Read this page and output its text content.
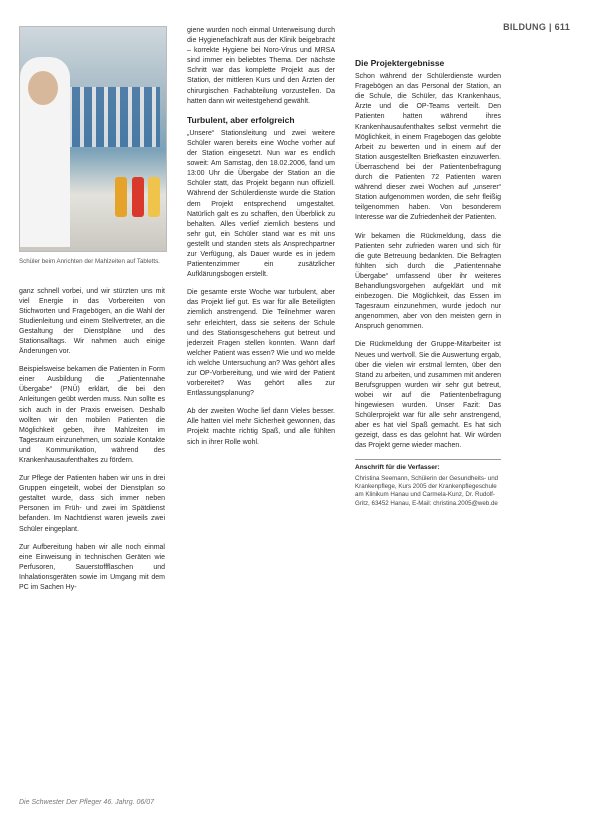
BILDUNG | 611
Schüler beim Anrichten der Mahlzeiten auf Tabletts.

ganz schnell vorbei, und wir stürzten uns mit viel Energie in das Vorbereiten von Stichworten und Fragebögen, an die Wahl der Studienleitung und einem Stellvertreter, an die Gestaltung der Dienstpläne und des Stationsalltags. Wir nahmen auch einige Änderungen vor.

Beispielsweise bekamen die Patienten in Form einer Ausbildung die „Patientennahe Übergabe“ (PNÜ) erklärt, die bei den Anleitungen geübt werden muss. Nun sollte es sich auch in der Praxis erweisen. Deshalb wollten wir den mobilen Patienten die Möglichkeit geben, ihre Mahlzeiten im Tagesraum einzunehmen, um soziale Kontakte und Kommunikation, während des Krankenhausaufenthaltes zu fördern.

Zur Pflege der Patienten haben wir uns in drei Gruppen eingeteilt, wobei der Dienstplan so gestaltet wurde, dass sich immer neben Personen im Früh- und zwei im Spätdienst befanden. Im Nachtdienst waren jeweils zwei Schüler eingeplant.

Zur Aufbereitung haben wir alle noch einmal eine Einweisung in technischen Geräten wie Perfusoren, Sauerstoffflaschen und Inhalationsgeräten sowie im Umgang mit dem PC im Sachen Hy-

giene wurden noch einmal Unterweisung durch die Hygienefachkraft aus der Klinik beigebracht – korrekte Hygiene bei Noro-Virus und MRSA sind immer ein beliebtes Thema. Der nächste Schritt war das komplette Projekt aus der Station, der mittleren Kurs und den Ärzten der chirurgischen Fachabteilung vorzustellen. Da hatten dann wir weitestgehend gewählt.

Turbulent, aber erfolgreich

„Unsere“ Stationsleitung und zwei weitere Schüler waren bereits eine Woche vorher auf der Station eingesetzt. Nun war es endlich soweit: Am Samstag, den 18.02.2006, fand um 13:00 Uhr die Übergabe der Station an die Schüler statt, das Projekt begann nun offiziell. Während der Schülerdienste wurde die Station dem Projekt entsprechend umgestaltet. Natürlich galt es zu schaffen, den Überblick zu behalten. Alles verlief ziemlich bestens und sehr gut, ein Schüler stand war es mit uns gestellt und standen stets als Ansprechpartner zur Verfügung, als Dauer wurde es in jedem Patientenzimmer ein zusätzlicher Aufklärungsbogen erstellt.

Die gesamte erste Woche war turbulent, aber das Projekt lief gut. Es war für alle Beteiligten ziemlich anstrengend. Die Teilnehmer waren sehr erleichtert, dass sie seitens der Schule und des Stationsgeschehens gut betreut und jederzeit Fragen stellen konnten. Wann darf welcher Patient was essen? Wie und wo melde ich welche Untersuchung an? Was gehört alles zur OP-Vorbereitung, und wie wird der Patient vorbereitet? Was gehört alles zur Entlassungsplanung?

Ab der zweiten Woche lief dann Vieles besser. Alle hatten viel mehr Sicherheit gewonnen, das Projekt machte richtig Spaß, und alle fühlten sich in ihrer Rolle wohl.

Die Projektergebnisse

Schon während der Schülerdienste wurden Fragebögen an das Personal der Station, an die Schule, die Schüler, das Krankenhaus, Ärzte und die OP-Teams verteilt. Den Patienten hatten während ihres Krankenhausaufenthaltes selbst vermehrt die Möglichkeit, in einem Fragebogen das gelobte Arbeit zu bewerten und in einem auf der Station ausgestellten Briefkasten einzuwerfen. Überraschend bei der Patientenbefragung durch die Patienten 72 Patienten waren während dieser zwei Wochen auf „unserer“ Station aufgenommen worden, die sehr fleißig teilgenommen haben. Von besonderem Interesse war die Zufriedenheit der Patienten.

Wir bekamen die Rückmeldung, dass die Patienten sehr zufrieden waren und sich für die gute Betreuung bedankten. Die Befragten fühlten sich durch die „Patientennahe Übergabe“ umfassend über ihr weiteres Behandlungsvorgehen aufgeklärt und mit einbezogen. Die Möglichkeit, das Essen im Tagesraum einzunehmen, wurde jedoch nur angenommen, aber von den meisten gern in Anspruch genommen.

Die Rückmeldung der Gruppe-Mitarbeiter ist Neues und wertvoll. Sie die Auswertung ergab, über die vielen wir erstmal lernten, über den Stand zu arbeiten, und zusammen mit anderen Berufsgruppen wurden wir sehr gut betreut, wobei wir auf die Patientenbefragung hingewiesen wurden. Unser Fazit: Das Schülerprojekt war für alle sehr anstrengend, aber es hat viel Spaß gemacht. Es hat sich gezeigt, dass es das gelohnt hat. Wir würden das Projekt gerne wieder machen.

Anschrift für die Verfasser:
Christina Seemann, Schülerin der Gesundheits- und Krankenpflege, Kurs 2005 der Krankenpflegeschule am Klinikum Hanau und Carmela-Kunz, Dr. Rudolf-Gritz, 63452 Hanau, E-Mail: christina.2005@web.de
Die Schwester Der Pfleger 46. Jahrg. 06/07
